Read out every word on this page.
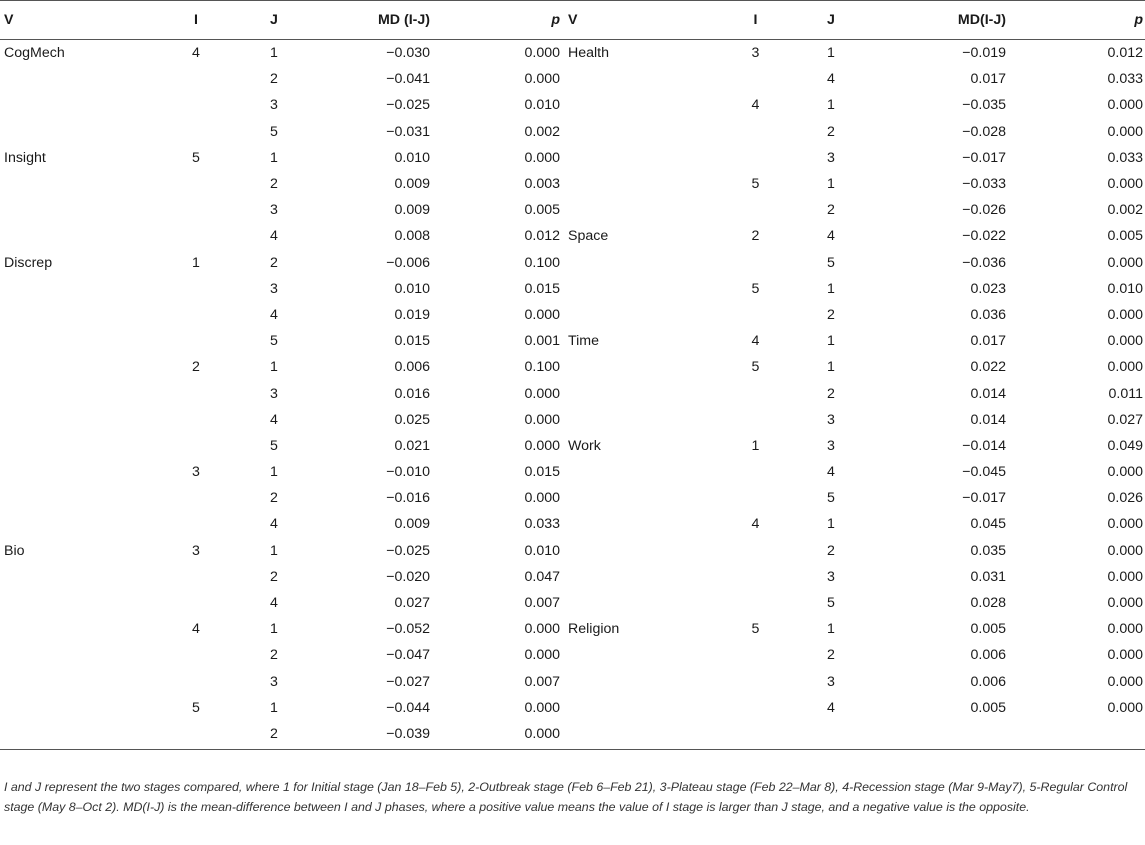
V	I	J	MD (I-J)	p	V	I	J	MD(I-J)	p
CogMech	4	1	−0.030	0.000	Health	3	1	−0.019	0.012
		2	−0.041	0.000			4	0.017	0.033
		3	−0.025	0.010		4	1	−0.035	0.000
		5	−0.031	0.002			2	−0.028	0.000
Insight	5	1	0.010	0.000			3	−0.017	0.033
		2	0.009	0.003		5	1	−0.033	0.000
		3	0.009	0.005			2	−0.026	0.002
		4	0.008	0.012	Space	2	4	−0.022	0.005
Discrep	1	2	−0.006	0.100			5	−0.036	0.000
		3	0.010	0.015		5	1	0.023	0.010
		4	0.019	0.000			2	0.036	0.000
		5	0.015	0.001	Time	4	1	0.017	0.000
	2	1	0.006	0.100		5	1	0.022	0.000
		3	0.016	0.000			2	0.014	0.011
		4	0.025	0.000			3	0.014	0.027
		5	0.021	0.000	Work	1	3	−0.014	0.049
	3	1	−0.010	0.015			4	−0.045	0.000
		2	−0.016	0.000			5	−0.017	0.026
		4	0.009	0.033		4	1	0.045	0.000
Bio	3	1	−0.025	0.010			2	0.035	0.000
		2	−0.020	0.047			3	0.031	0.000
		4	0.027	0.007			5	0.028	0.000
	4	1	−0.052	0.000	Religion	5	1	0.005	0.000
		2	−0.047	0.000			2	0.006	0.000
		3	−0.027	0.007			3	0.006	0.000
	5	1	−0.044	0.000			4	0.005	0.000
		2	−0.039	0.000					

I and J represent the two stages compared, where 1 for Initial stage (Jan 18–Feb 5), 2-Outbreak stage (Feb 6–Feb 21), 3-Plateau stage (Feb 22–Mar 8), 4-Recession stage (Mar 9-May7), 5-Regular Control stage (May 8–Oct 2). MD(I-J) is the mean-difference between I and J phases, where a positive value means the value of I stage is larger than J stage, and a negative value is the opposite.
